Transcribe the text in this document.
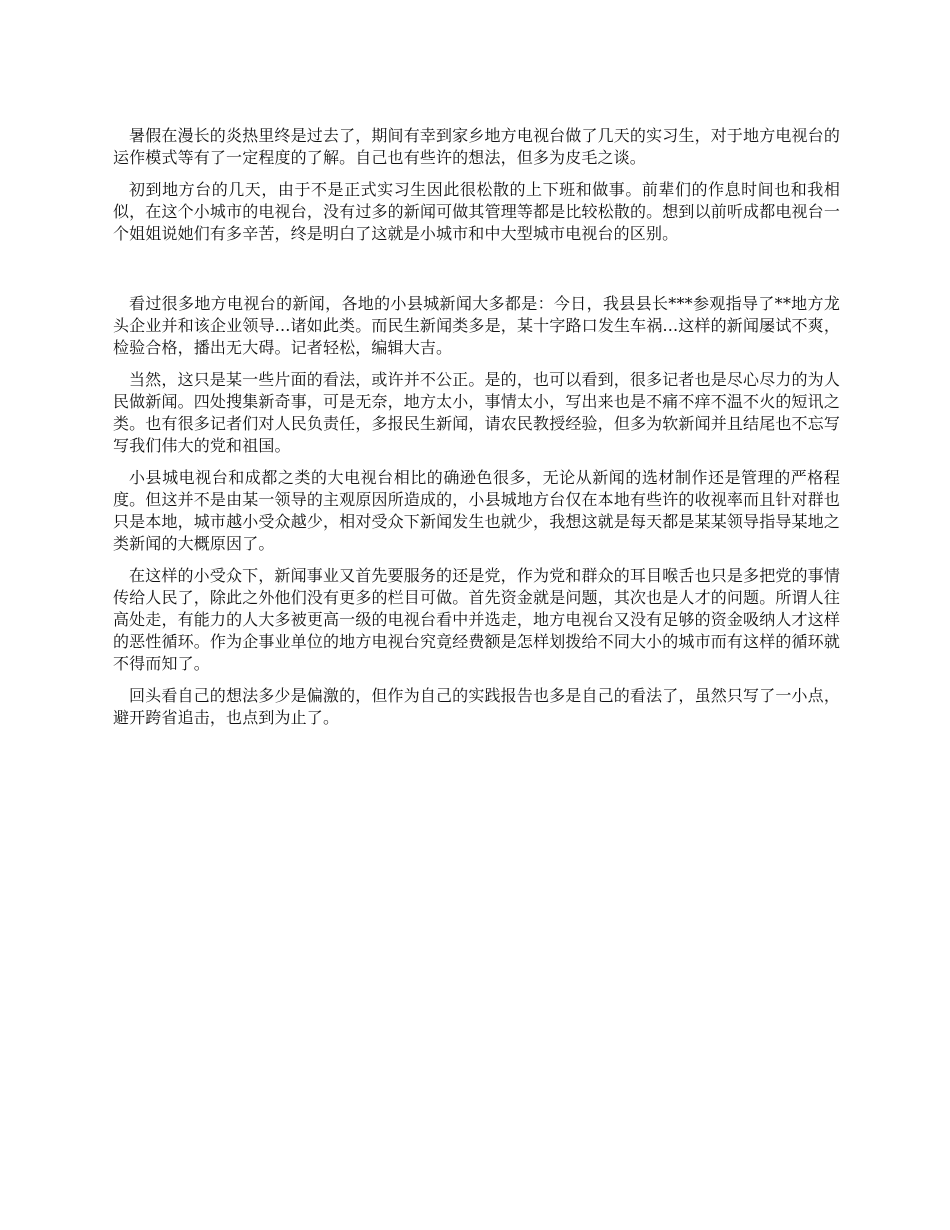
暑假在漫长的炎热里终是过去了，期间有幸到家乡地方电视台做了几天的实习生，对于地方电视台的运作模式等有了一定程度的了解。自己也有些许的想法，但多为皮毛之谈。

初到地方台的几天，由于不是正式实习生因此很松散的上下班和做事。前辈们的作息时间也和我相似，在这个小城市的电视台，没有过多的新闻可做其管理等都是比较松散的。想到以前听成都电视台一个姐姐说她们有多辛苦，终是明白了这就是小城市和中大型城市电视台的区别。

看过很多地方电视台的新闻，各地的小县城新闻大多都是：今日，我县县长***参观指导了**地方龙头企业并和该企业领导...诸如此类。而民生新闻类多是，某十字路口发生车祸...这样的新闻屡试不爽，检验合格，播出无大碍。记者轻松，编辑大吉。

当然，这只是某一些片面的看法，或许并不公正。是的，也可以看到，很多记者也是尽心尽力的为人民做新闻。四处搜集新奇事，可是无奈，地方太小，事情太小，写出来也是不痛不痒不温不火的短讯之类。也有很多记者们对人民负责任，多报民生新闻，请农民教授经验，但多为软新闻并且结尾也不忘写写我们伟大的党和祖国。

小县城电视台和成都之类的大电视台相比的确逊色很多，无论从新闻的选材制作还是管理的严格程度。但这并不是由某一领导的主观原因所造成的，小县城地方台仅在本地有些许的收视率而且针对群也只是本地，城市越小受众越少，相对受众下新闻发生也就少，我想这就是每天都是某某领导指导某地之类新闻的大概原因了。

在这样的小受众下，新闻事业又首先要服务的还是党，作为党和群众的耳目喉舌也只是多把党的事情传给人民了，除此之外他们没有更多的栏目可做。首先资金就是问题，其次也是人才的问题。所谓人往高处走，有能力的人大多被更高一级的电视台看中并选走，地方电视台又没有足够的资金吸纳人才这样的恶性循环。作为企事业单位的地方电视台究竟经费额是怎样划拨给不同大小的城市而有这样的循环就不得而知了。

回头看自己的想法多少是偏激的，但作为自己的实践报告也多是自己的看法了，虽然只写了一小点，避开跨省追击，也点到为止了。
